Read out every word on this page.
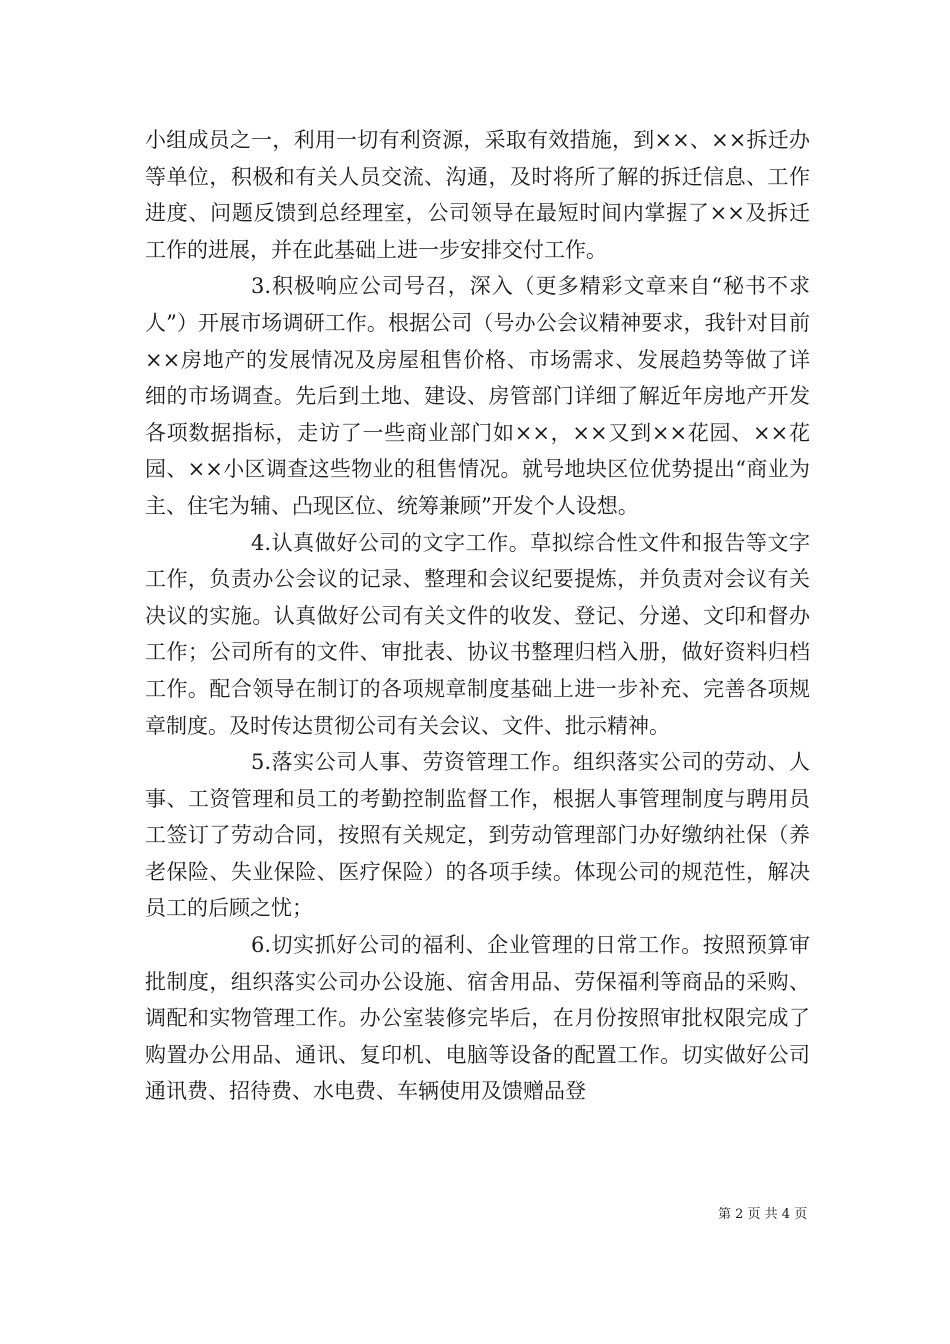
小组成员之一，利用一切有利资源，采取有效措施，到××、××拆迁办等单位，积极和有关人员交流、沟通，及时将所了解的拆迁信息、工作进度、问题反馈到总经理室，公司领导在最短时间内掌握了××及拆迁工作的进展，并在此基础上进一步安排交付工作。

3.积极响应公司号召，深入（更多精彩文章来自“秘书不求人”）开展市场调研工作。根据公司（号办公会议精神要求，我针对目前××房地产的发展情况及房屋租售价格、市场需求、发展趋势等做了详细的市场调查。先后到土地、建设、房管部门详细了解近年房地产开发各项数据指标，走访了一些商业部门如××，××又到××花园、××花园、××小区调查这些物业的租售情况。就号地块区位优势提出“商业为主、住宅为辅、凸现区位、统筹兼顾”开发个人设想。

4.认真做好公司的文字工作。草拟综合性文件和报告等文字工作，负责办公会议的记录、整理和会议纪要提炼，并负责对会议有关决议的实施。认真做好公司有关文件的收发、登记、分递、文印和督办工作；公司所有的文件、审批表、协议书整理归档入册，做好资料归档工作。配合领导在制订的各项规章制度基础上进一步补充、完善各项规章制度。及时传达贯彻公司有关会议、文件、批示精神。

5.落实公司人事、劳资管理工作。组织落实公司的劳动、人事、工资管理和员工的考勤控制监督工作，根据人事管理制度与聘用员工签订了劳动合同，按照有关规定，到劳动管理部门办好缴纳社保（养老保险、失业保险、医疗保险）的各项手续。体现公司的规范性，解决员工的后顾之忧；

6.切实抓好公司的福利、企业管理的日常工作。按照预算审批制度，组织落实公司办公设施、宿舍用品、劳保福利等商品的采购、调配和实物管理工作。办公室装修完毕后，在月份按照审批权限完成了购置办公用品、通讯、复印机、电脑等设备的配置工作。切实做好公司通讯费、招待费、水电费、车辆使用及馈赠品登

第 2 页 共 4 页
